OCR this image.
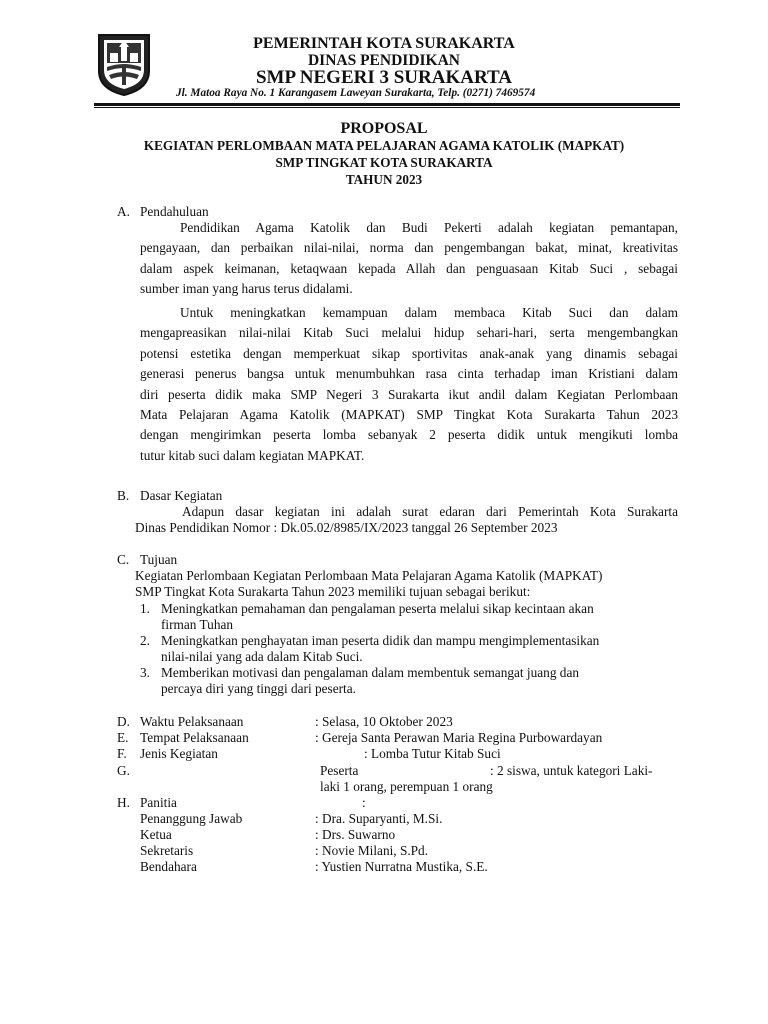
PEMERINTAH KOTA SURAKARTA
DINAS PENDIDIKAN
SMP NEGERI 3 SURAKARTA
Jl. Matoa Raya No. 1 Karangasem Laweyan Surakarta, Telp. (0271) 7469574
PROPOSAL
KEGIATAN PERLOMBAAN MATA PELAJARAN AGAMA KATOLIK (MAPKAT)
SMP TINGKAT KOTA SURAKARTA
TAHUN 2023
A. Pendahuluan
Pendidikan Agama Katolik dan Budi Pekerti adalah kegiatan pemantapan,
pengayaan, dan perbaikan nilai-nilai, norma dan pengembangan bakat, minat, kreativitas
dalam aspek keimanan, ketaqwaan kepada Allah dan penguasaan Kitab Suci , sebagai
sumber iman yang harus terus didalami.
Untuk meningkatkan kemampuan dalam membaca Kitab Suci dan dalam
mengapreasikan nilai-nilai Kitab Suci melalui hidup sehari-hari, serta mengembangkan
potensi estetika dengan memperkuat sikap sportivitas anak-anak yang dinamis sebagai
generasi penerus bangsa untuk menumbuhkan rasa cinta terhadap iman Kristiani dalam
diri peserta didik maka SMP Negeri 3 Surakarta ikut andil dalam Kegiatan Perlombaan
Mata Pelajaran Agama Katolik (MAPKAT) SMP Tingkat Kota Surakarta Tahun 2023
dengan mengirimkan peserta lomba sebanyak 2 peserta didik untuk mengikuti lomba
tutur kitab suci dalam kegiatan MAPKAT.
B. Dasar Kegiatan
Adapun dasar kegiatan ini adalah surat edaran dari Pemerintah Kota Surakarta
Dinas Pendidikan Nomor : Dk.05.02/8985/IX/2023 tanggal 26 September 2023
C. Tujuan
Kegiatan Perlombaan Kegiatan Perlombaan Mata Pelajaran Agama Katolik (MAPKAT)
SMP Tingkat Kota Surakarta Tahun 2023 memiliki tujuan sebagai berikut:
1. Meningkatkan pemahaman dan pengalaman peserta melalui sikap kecintaan akan
firman Tuhan
2. Meningkatkan penghayatan iman peserta didik dan mampu mengimplementasikan
nilai-nilai yang ada dalam Kitab Suci.
3. Memberikan motivasi dan pengalaman dalam membentuk semangat juang dan
percaya diri yang tinggi dari peserta.
D. Waktu Pelaksanaan	: Selasa, 10 Oktober 2023
E. Tempat Pelaksanaan	: Gereja Santa Perawan Maria Regina Purbowardayan
F. Jenis Kegiatan	: Lomba Tutur Kitab Suci
G.	Peserta	: 2 siswa, untuk kategori Laki-
laki 1 orang, perempuan 1 orang
H. Panitia	:
Penanggung Jawab	: Dra. Suparyanti, M.Si.
Ketua	: Drs. Suwarno
Sekretaris	: Novie Milani, S.Pd.
Bendahara	: Yustien Nurratna Mustika, S.E.
